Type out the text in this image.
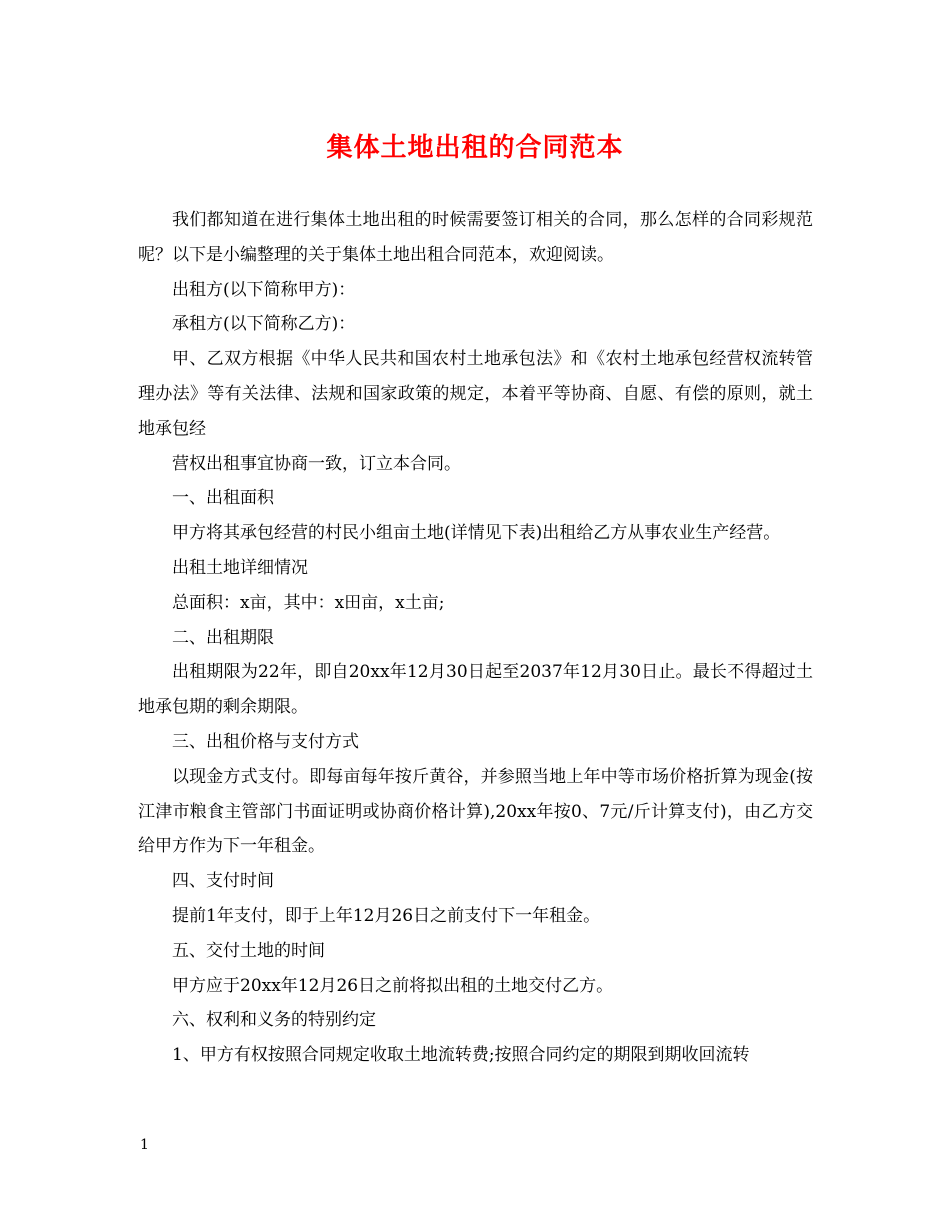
集体土地出租的合同范本

我们都知道在进行集体土地出租的时候需要签订相关的合同，那么怎样的合同彩规范呢？以下是小编整理的关于集体土地出租合同范本，欢迎阅读。

出租方(以下简称甲方)：

承租方(以下简称乙方)：

甲、乙双方根据《中华人民共和国农村土地承包法》和《农村土地承包经营权流转管理办法》等有关法律、法规和国家政策的规定，本着平等协商、自愿、有偿的原则，就土地承包经

营权出租事宜协商一致，订立本合同。

一、出租面积

甲方将其承包经营的村民小组亩土地(详情见下表)出租给乙方从事农业生产经营。

出租土地详细情况

总面积：x亩，其中：x田亩，x土亩;

二、出租期限

出租期限为22年，即自20xx年12月30日起至2037年12月30日止。最长不得超过土地承包期的剩余期限。

三、出租价格与支付方式

以现金方式支付。即每亩每年按斤黄谷，并参照当地上年中等市场价格折算为现金(按江津市粮食主管部门书面证明或协商价格计算),20xx年按0、7元/斤计算支付)，由乙方交给甲方作为下一年租金。

四、支付时间

提前1年支付，即于上年12月26日之前支付下一年租金。

五、交付土地的时间

甲方应于20xx年12月26日之前将拟出租的土地交付乙方。

六、权利和义务的特别约定

1、甲方有权按照合同规定收取土地流转费;按照合同约定的期限到期收回流转

1
